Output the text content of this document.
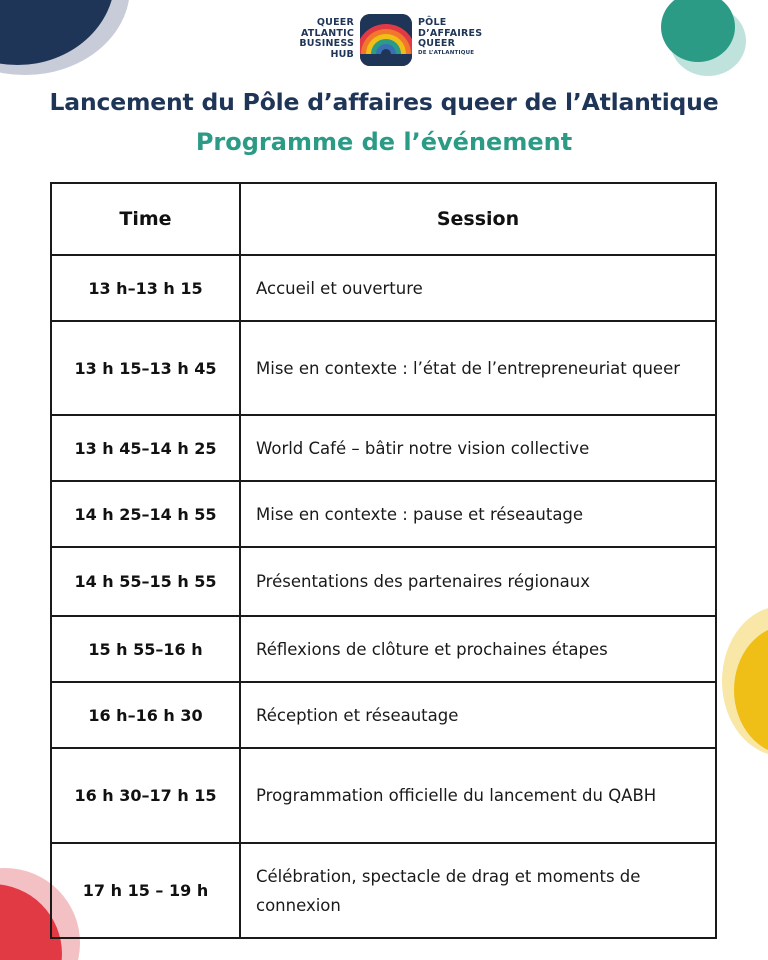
QUEER
ATLANTIC
BUSINESS
HUB
PÔLE
D’AFFAIRES
QUEER
DE L’ATLANTIQUE
Lancement du Pôle d’affaires queer de l’Atlantique
Programme de l’événement
Time	Session
13 h–13 h 15	Accueil et ouverture
13 h 15–13 h 45	Mise en contexte : l’état de l’entrepreneuriat queer
13 h 45–14 h 25	World Café – bâtir notre vision collective
14 h 25–14 h 55	Mise en contexte : pause et réseautage
14 h 55–15 h 55	Présentations des partenaires régionaux
15 h 55–16 h	Réflexions de clôture et prochaines étapes
16 h–16 h 30	Réception et réseautage
16 h 30–17 h 15	Programmation officielle du lancement du QABH
17 h 15 – 19 h	Célébration, spectacle de drag et moments de connexion
